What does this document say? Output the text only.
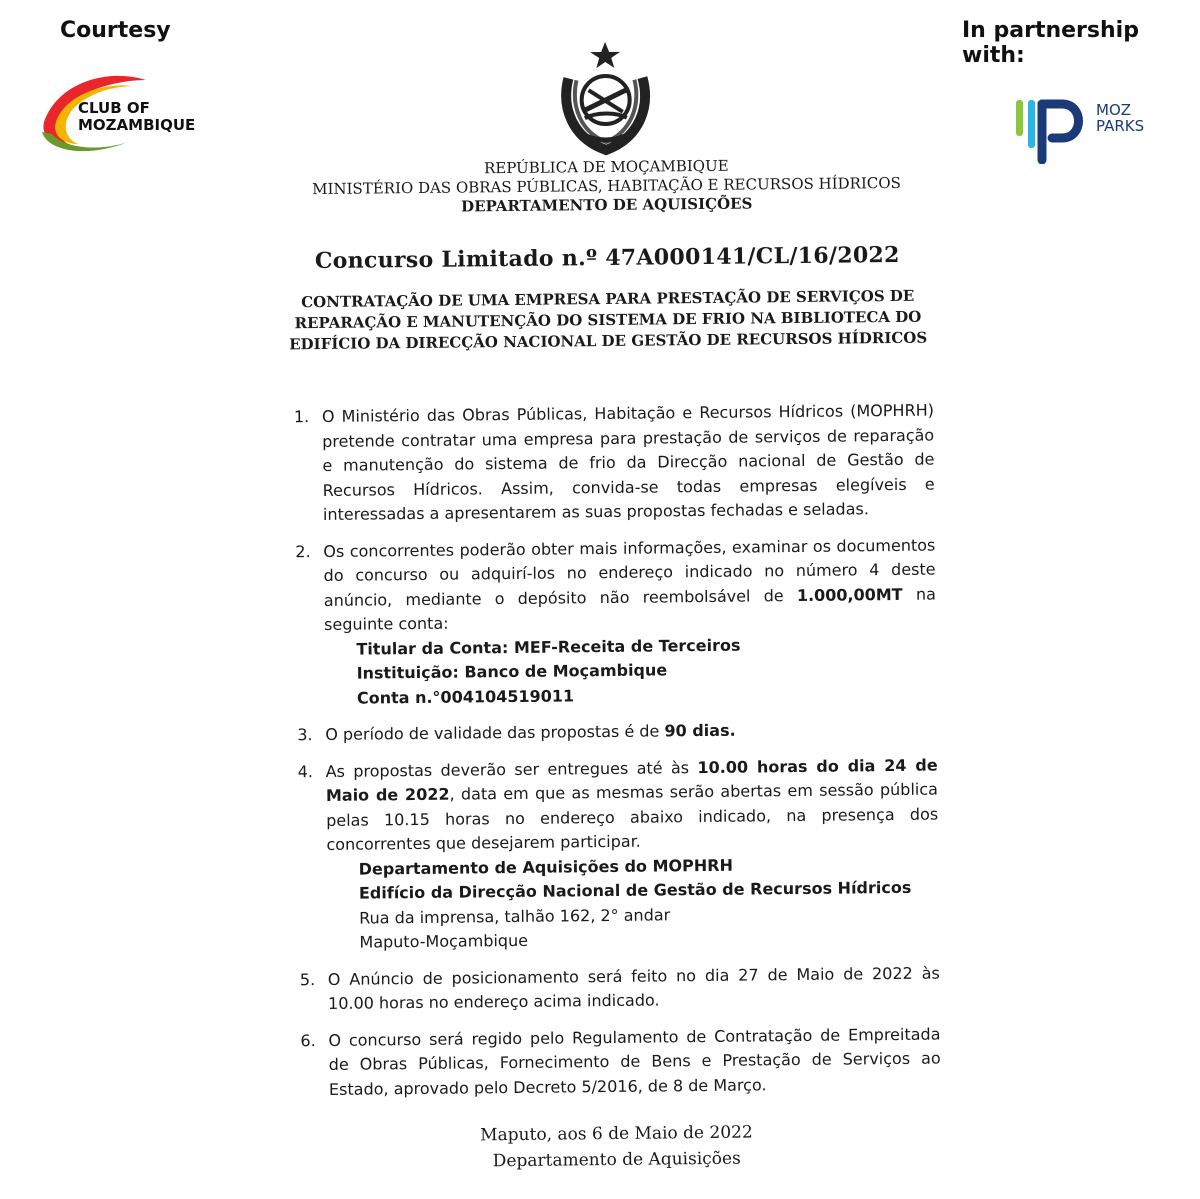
Courtesy	In partnership with:
CLUB OF
MOZAMBIQUE
MOZ
PARKS
REPÚBLICA DE MOÇAMBIQUE
MINISTÉRIO DAS OBRAS PÚBLICAS, HABITAÇÃO E RECURSOS HÍDRICOS
DEPARTAMENTO DE AQUISIÇÕES
Concurso Limitado n.º 47A000141/CL/16/2022
CONTRATAÇÃO DE UMA EMPRESA PARA PRESTAÇÃO DE SERVIÇOS DE REPARAÇÃO E MANUTENÇÃO DO SISTEMA DE FRIO NA BIBLIOTECA DO EDIFÍCIO DA DIRECÇÃO NACIONAL DE GESTÃO DE RECURSOS HÍDRICOS
1. O Ministério das Obras Públicas, Habitação e Recursos Hídricos (MOPHRH) pretende contratar uma empresa para prestação de serviços de reparação e manutenção do sistema de frio da Direcção nacional de Gestão de Recursos Hídricos. Assim, convida-se todas empresas elegíveis e interessadas a apresentarem as suas propostas fechadas e seladas.
2. Os concorrentes poderão obter mais informações, examinar os documentos do concurso ou adquirí-los no endereço indicado no número 4 deste anúncio, mediante o depósito não reembolsável de 1.000,00MT na seguinte conta:
Titular da Conta: MEF-Receita de Terceiros
Instituição: Banco de Moçambique
Conta n.°004104519011
3. O período de validade das propostas é de 90 dias.
4. As propostas deverão ser entregues até às 10.00 horas do dia 24 de Maio de 2022, data em que as mesmas serão abertas em sessão pública pelas 10.15 horas no endereço abaixo indicado, na presença dos concorrentes que desejarem participar.
Departamento de Aquisições do MOPHRH
Edifício da Direcção Nacional de Gestão de Recursos Hídricos
Rua da imprensa, talhão 162, 2° andar
Maputo-Moçambique
5. O Anúncio de posicionamento será feito no dia 27 de Maio de 2022 às 10.00 horas no endereço acima indicado.
6. O concurso será regido pelo Regulamento de Contratação de Empreitada de Obras Públicas, Fornecimento de Bens e Prestação de Serviços ao Estado, aprovado pelo Decreto 5/2016, de 8 de Março.
Maputo, aos 6 de Maio de 2022
Departamento de Aquisições
